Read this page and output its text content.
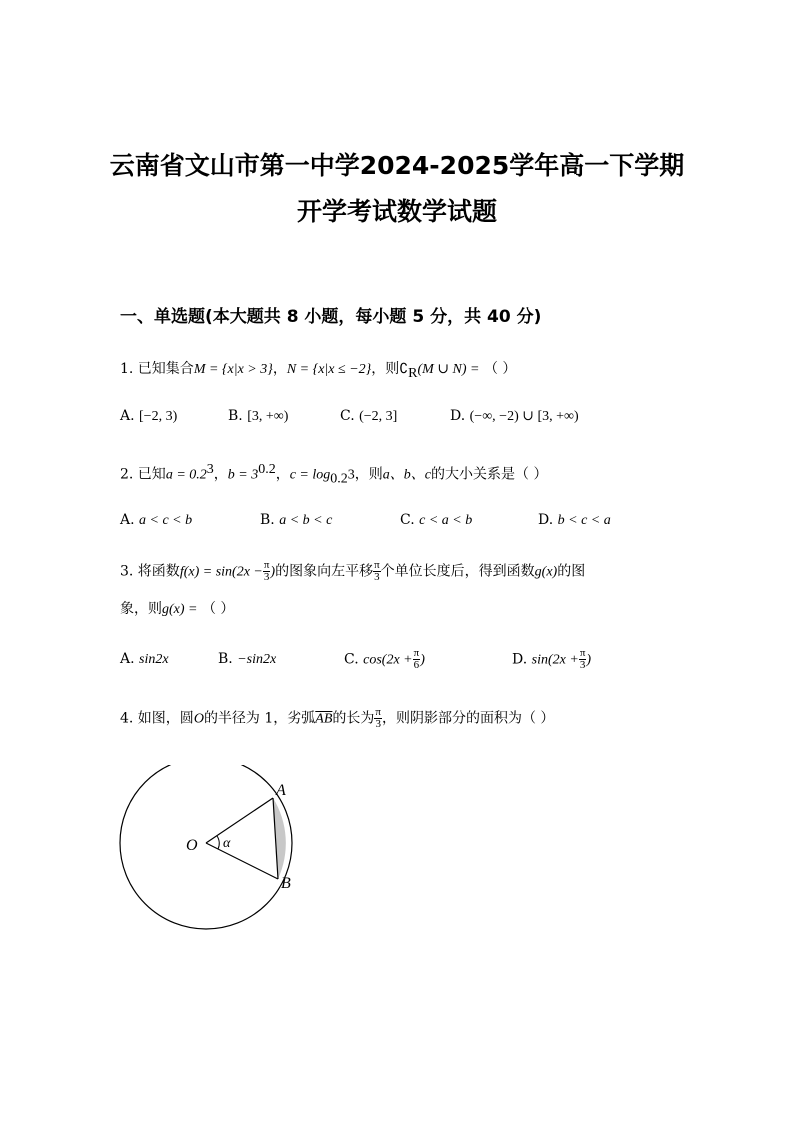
云南省文山市第一中学2024-2025学年高一下学期
开学考试数学试题
一、单选题(本大题共 8 小题，每小题 5 分，共 40 分)
1. 已知集合M = {x|x > 3}，N = {x|x ≤ −2}，则$∁_R(M$ ∪ N) = （ ）
A. [−2, 3)	B. [3, +∞)	C. (−2, 3]	D. (−∞, −2) ∪ [3, +∞)
2. 已知$a = 0.2^3$，$b = 3^{0.2}$，$c = \log_{0.2}3$，则a、b、c的大小关系是（ ）
A. a < c < b	B. a < b < c	C. c < a < b	D. b < c < a
3. 将函数$f(x) = \sin(2x - \frac{\pi}{3}$ )的图象向左平移 $\frac{\pi}{3}$ 个单位长度后，得到函数g(x)的图
象，则g(x) = （ ）
A. sin2x	B. −sin2x	C. $\cos(2x + \frac{\pi}{6}$ )	D. $\sin(2x + \frac{\pi}{3}$ )
4. 如图，圆O的半径为 1，劣弧$\overline{AB}$的长为 $\frac{\pi}{3}$ ，则阴影部分的面积为（ ）
O α
A
B
